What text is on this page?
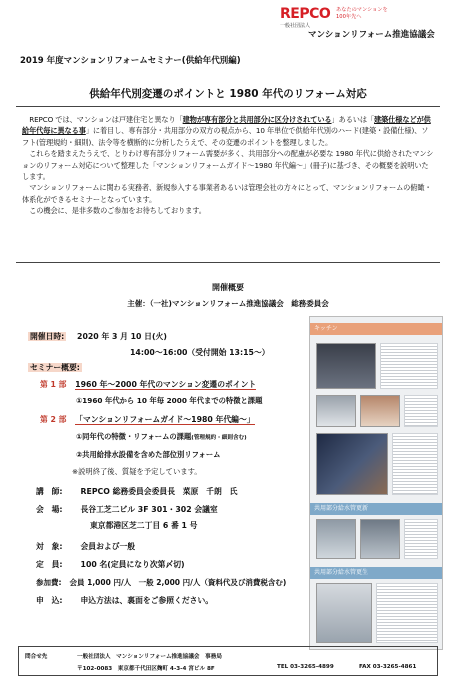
REPCO あなたのマンションを
100年先へ
一般社団法人
マンションリフォーム推進協議会
2019 年度マンションリフォームセミナー(供給年代別編)
供給年代別変遷のポイントと 1980 年代のリフォーム対応

REPCO では、マンションは戸建住宅と異なり「建物が専有部分と共用部分に区分けされている」あるいは「建築仕様などが供給年代毎に異なる事」に着目し、専有部分・共用部分の双方の視点から、10 年単位で供給年代別のハード(建築・設備仕様)、ソフト(管理規約・細則)、法令等を横断的に分析したうえで、その変遷のポイントを整理しました。

これらを踏まえたうえで、とりわけ専有部分リフォーム需要が多く、共用部分への配慮が必要な 1980 年代に供給されたマンションのリフォーム対応について整理した「マンションリフォームガイド～1980 年代編～」(冊子)に基づき、その概要を説明いたします。

マンションリフォームに関わる実務者、新規参入する事業者あるいは管理会社の方々にとって、マンションリフォームの俯瞰・体系化ができるセミナーとなっています。

この機会に、是非多数のご参加をお待ちしております。

開催概要
主催：（一社)マンションリフォーム推進協議会　総務委員会
開催日時: 2020 年 3 月 10 日(火)
14:00～16:00（受付開始 13:15～）
セミナー概要:
第 1 部 1960 年～2000 年代のマンション変遷のポイント
①1960 年代から 10 年毎 2000 年代までの特徴と課題
第 2 部 「マンションリフォームガイド～1980 年代編～」
①同年代の特徴・リフォームの課題(管理規約・細則含む)
②共用給排水設備を含めた部位別リフォーム
※説明終了後、質疑を予定しています。
講　師: REPCO 総務委員会委員長　菜原　千朗　氏
会　場: 長谷工芝二ビル 3F 301・302 会議室
東京都港区芝二丁目 6 番 1 号
対　象: 会員および一般
定　員: 100 名(定員になり次第〆切)
参加費: 会員 1,000 円/人　一般 2,000 円/人（資料代及び消費税含む)
申　込: 申込方法は、裏面をご参照ください。
キッチン
共用部分給水管更新
共用部分給水管更生
問合せ先	一般社団法人　マンションリフォーム推進協議会　事務局
〒102-0083　東京都千代田区麹町 4-3-4 宮ビル 8F	TEL 03-3265-4899	FAX 03-3265-4861
